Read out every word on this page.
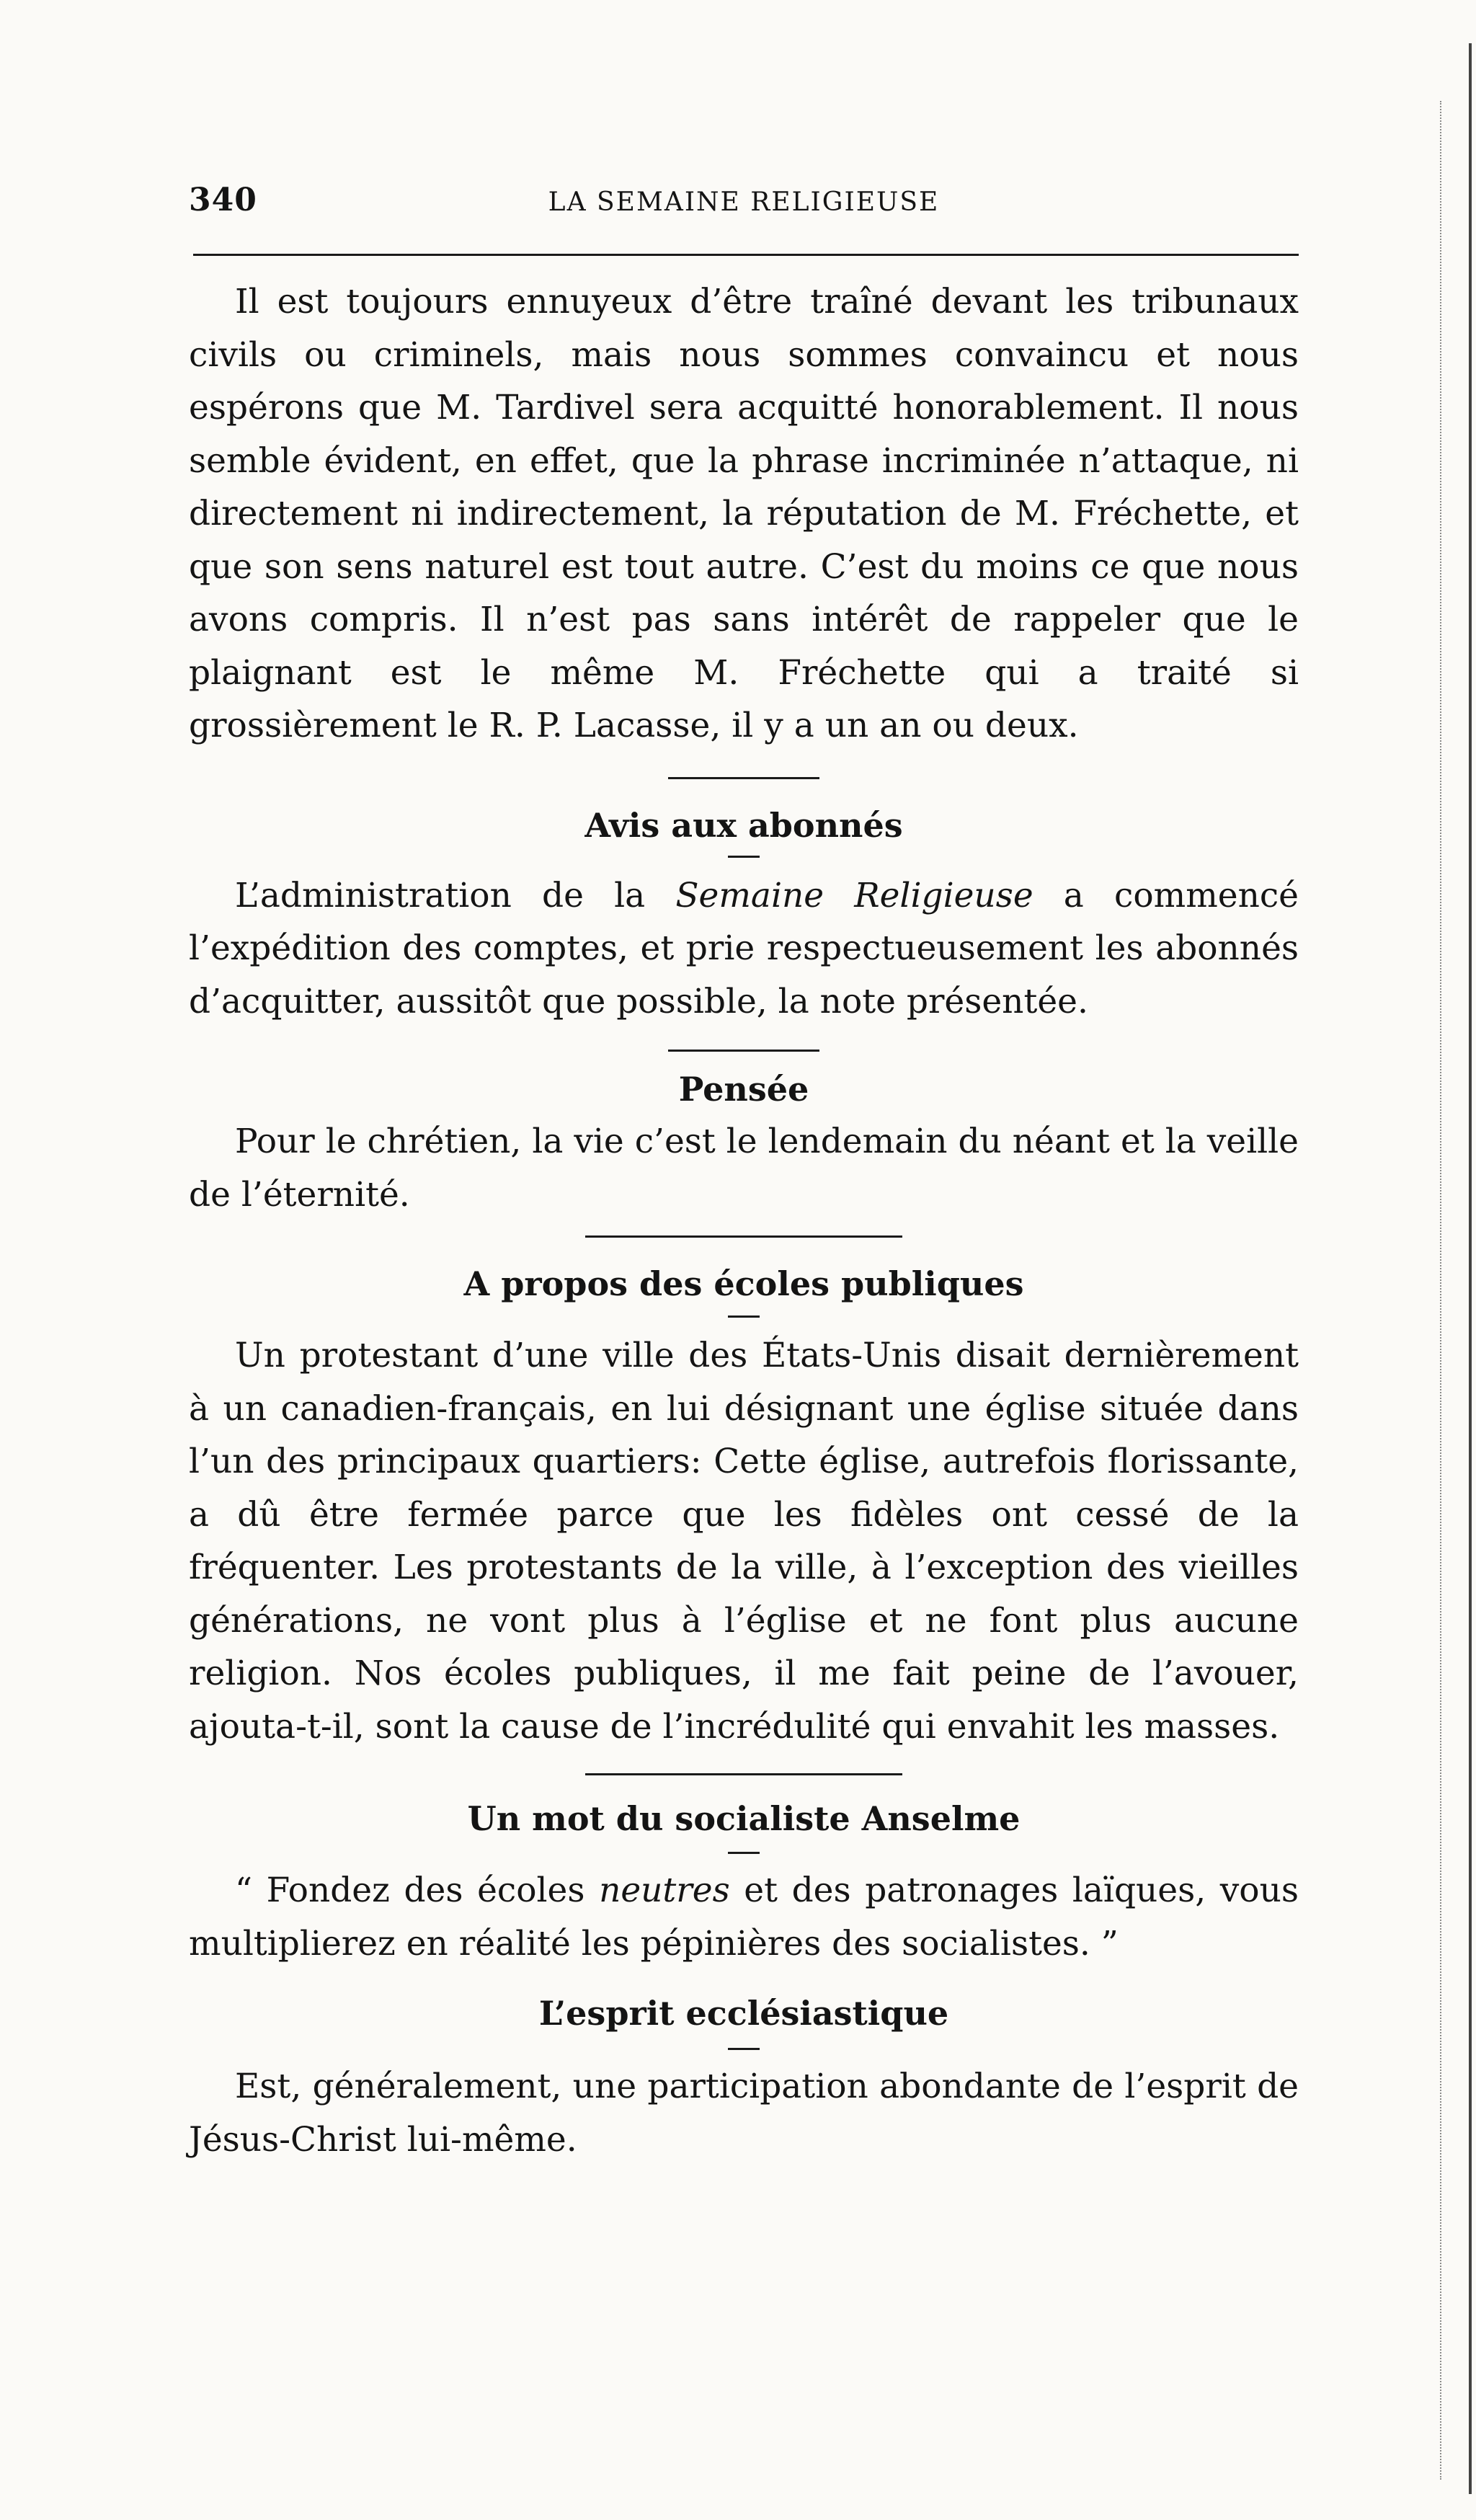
340	LA SEMAINE RELIGIEUSE

Il est toujours ennuyeux d’être traîné devant les tribunaux civils ou criminels, mais nous sommes convaincu et nous espérons que M. Tardivel sera acquitté honorablement. Il nous semble évident, en effet, que la phrase incriminée n’attaque, ni directement ni indirectement, la réputation de M. Fréchette, et que son sens naturel est tout autre. C’est du moins ce que nous avons compris. Il n’est pas sans intérêt de rappeler que le plaignant est le même M. Fréchette qui a traité si grossièrement le R. P. Lacasse, il y a un an ou deux.

Avis aux abonnés

L’administration de la Semaine Religieuse a commencé l’expédition des comptes, et prie respectueusement les abonnés d’acquitter, aussitôt que possible, la note présentée.

Pensée

Pour le chrétien, la vie c’est le lendemain du néant et la veille de l’éternité.

A propos des écoles publiques

Un protestant d’une ville des États-Unis disait dernièrement à un canadien-français, en lui désignant une église située dans l’un des principaux quartiers: Cette église, autrefois florissante, a dû être fermée parce que les fidèles ont cessé de la fréquenter. Les protestants de la ville, à l’exception des vieilles générations, ne vont plus à l’église et ne font plus aucune religion. Nos écoles publiques, il me fait peine de l’avouer, ajouta-t-il, sont la cause de l’incrédulité qui envahit les masses.

Un mot du socialiste Anselme

“ Fondez des écoles neutres et des patronages laïques, vous multiplierez en réalité les pépinières des socialistes. ”

L’esprit ecclésiastique

Est, généralement, une participation abondante de l’esprit de Jésus-Christ lui-même.
